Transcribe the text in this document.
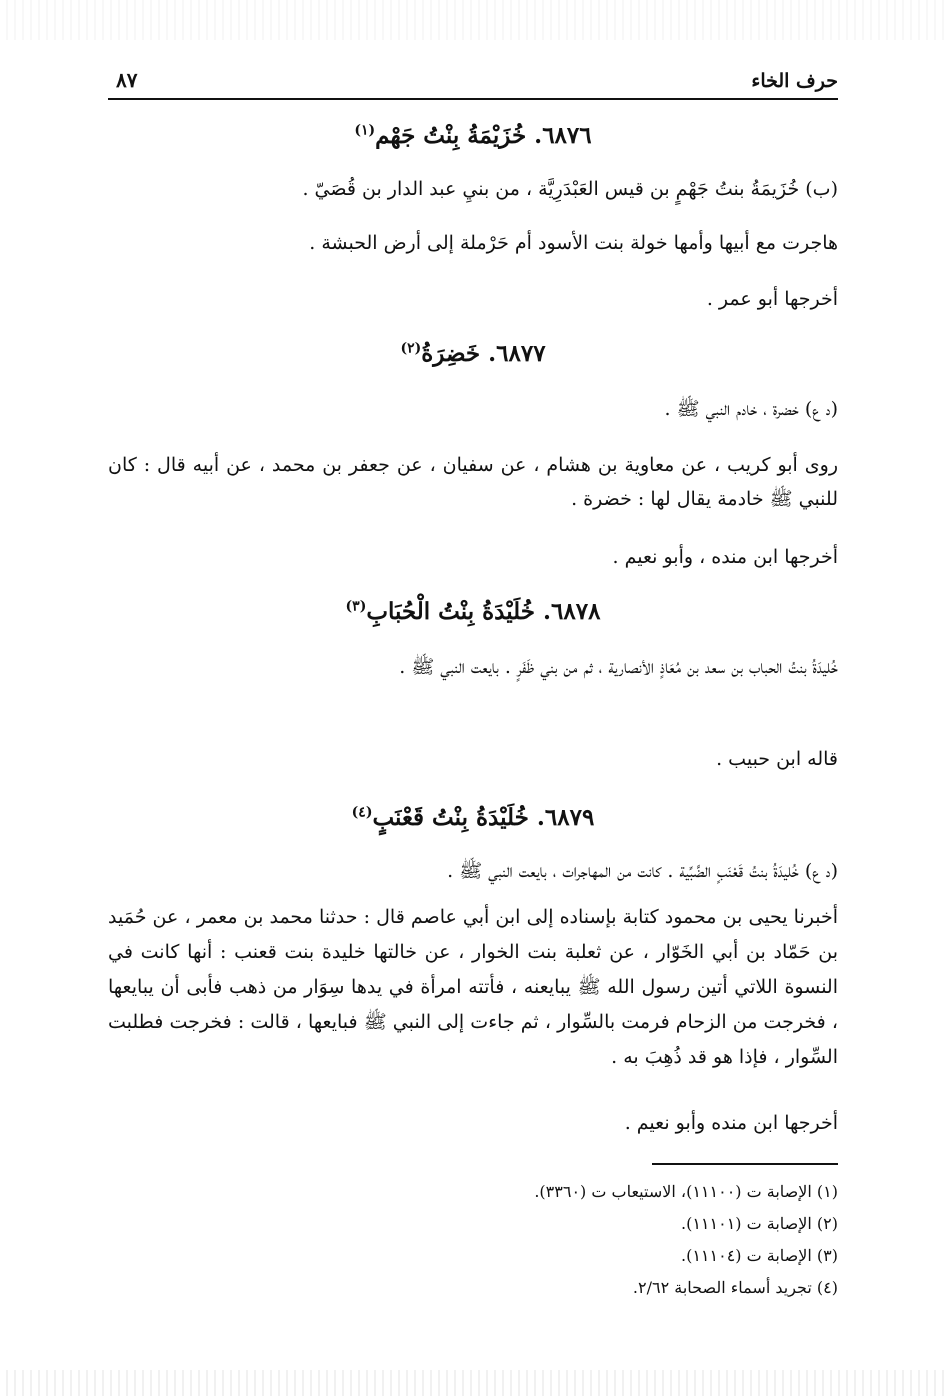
حرف الخاء
٨٧
٦٨٧٦. خُزَيْمَةُ بِنْتُ جَهْم$^{(١)}$
(ب) خُزَيمَةُ بنتُ جَهْمٍ بن قيس العَبْدَرِيَّة ، من بنيِ عبد الدار بن قُصَيّ .
هاجرت مع أبيها وأمها خولة بنت الأسود أم حَرْملة إلى أرض الحبشة .
أخرجها أبو عمر .
٦٨٧٧. خَضِرَةُ$^{(٢)}$
(د ع) خضرة ، خادم النبي ﷺ .
روى أبو كريب ، عن معاوية بن هشام ، عن سفيان ، عن جعفر بن محمد ، عن أبيه قال : كان للنبي ﷺ خادمة يقال لها : خضرة .
أخرجها ابن منده ، وأبو نعيم .
٦٨٧٨. خُلَيْدَةُ بِنْتُ الْحُبَابِ$^{(٣)}$
خُليدَةُ بنتُ الحباب بن سعد بن مُعَاذٍ الأنصارية ، ثم من بني ظَفَرٍ . بايعت النبي ﷺ .
قاله ابن حبيب .
٦٨٧٩. خُلَيْدَةُ بِنْتُ قَعْنَبٍ$^{(٤)}$
(د ع) خُليدَةُ بنتُ قَعْنَبٍ الضَّبِّية . كانت من المهاجرات ، بايعت النبي ﷺ .
أخبرنا يحيى بن محمود كتابة بإسناده إلى ابن أبي عاصم قال : حدثنا محمد بن معمر ، عن حُمَيد بن حَمّاد بن أبي الخَوّار ، عن ثعلبة بنت الخوار ، عن خالتها خليدة بنت قعنب : أنها كانت في النسوة اللاتي أتين رسول الله ﷺ يبايعنه ، فأتته امرأة في يدها سِوَار من ذهب فأبى أن يبايعها ، فخرجت من الزحام فرمت بالسِّوار ، ثم جاءت إلى النبي ﷺ فبايعها ، قالت : فخرجت فطلبت السِّوار ، فإذا هو قد ذُهِبَ به .
أخرجها ابن منده وأبو نعيم .
(١) الإصابة ت (١١١٠٠)، الاستيعاب ت (٣٣٦٠).
(٢) الإصابة ت (١١١٠١).
(٣) الإصابة ت (١١١٠٤).
(٤) تجريد أسماء الصحابة ٢/٦٢.
